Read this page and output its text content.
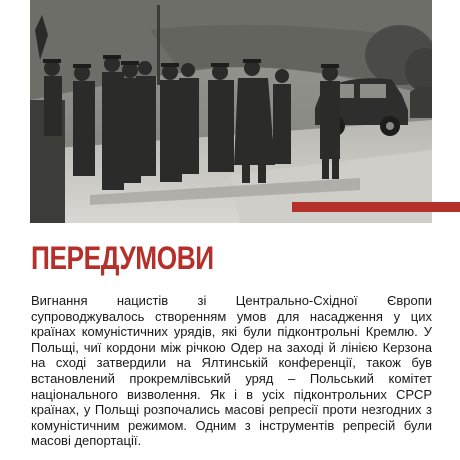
ПЕРЕДУМОВИ

Вигнання нацистів зі Центрально-Східної Європи супроводжувалось створенням умов для насадження у цих країнах комуністичних урядів, які були підконтрольні Кремлю. У Польщі, чиї кордони між річкою Одер на заході й лінією Керзона на сході затвердили на Ялтинській конференції, також був встановлений прокремлівський уряд – Польський комітет національного визволення. Як і в усіх підконтрольних СРСР країнах, у Польщі розпочались масові репресії проти незгодних з комуністичним режимом. Одним з інструментів репресій були масові депортації.
